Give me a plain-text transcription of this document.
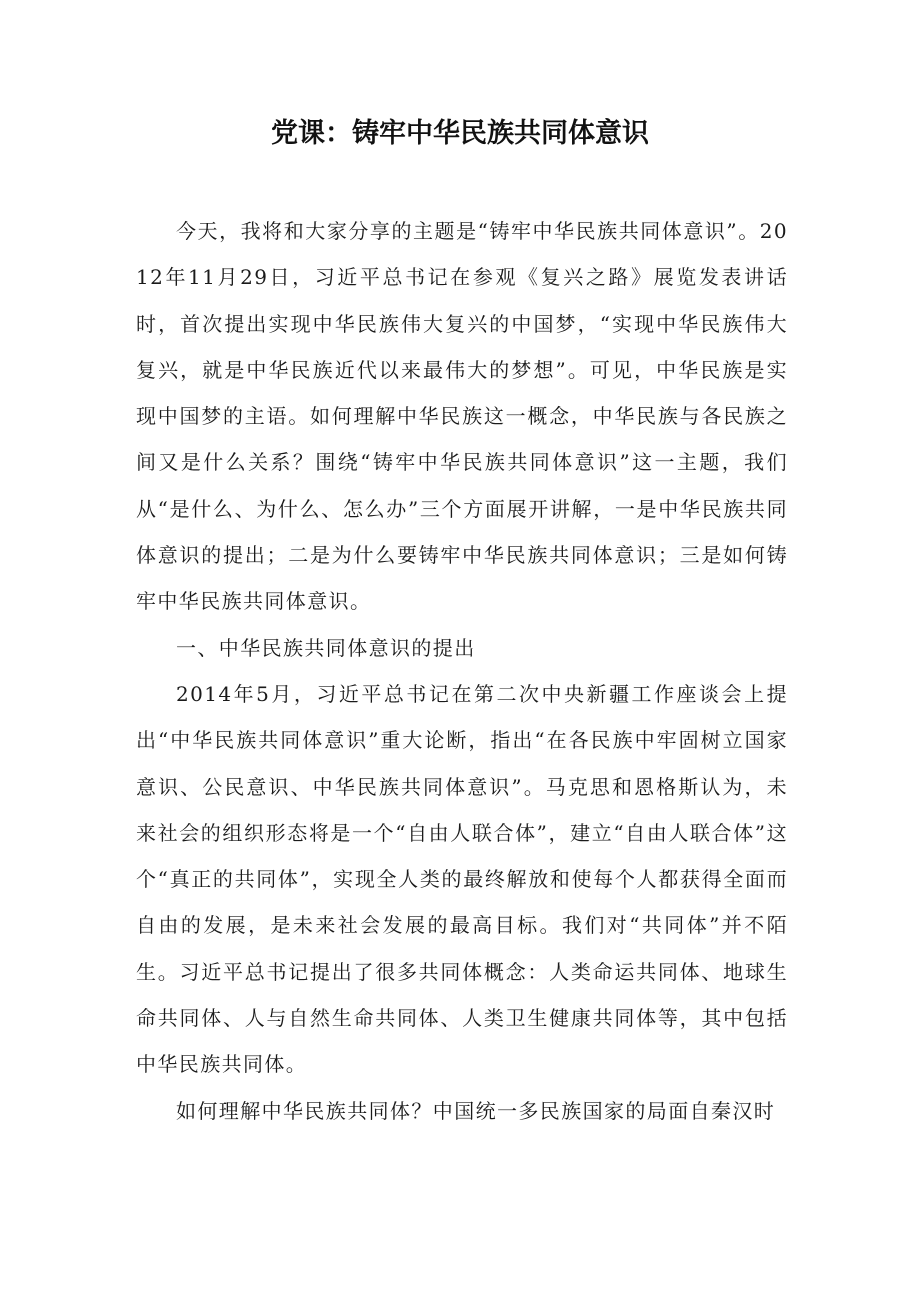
党课：铸牢中华民族共同体意识

今天，我将和大家分享的主题是“铸牢中华民族共同体意识”。2012年11月29日，习近平总书记在参观《复兴之路》展览发表讲话时，首次提出实现中华民族伟大复兴的中国梦，“实现中华民族伟大复兴，就是中华民族近代以来最伟大的梦想”。可见，中华民族是实现中国梦的主语。如何理解中华民族这一概念，中华民族与各民族之间又是什么关系？围绕“铸牢中华民族共同体意识”这一主题，我们从“是什么、为什么、怎么办”三个方面展开讲解，一是中华民族共同体意识的提出；二是为什么要铸牢中华民族共同体意识；三是如何铸牢中华民族共同体意识。

一、中华民族共同体意识的提出

2014年5月，习近平总书记在第二次中央新疆工作座谈会上提出“中华民族共同体意识”重大论断，指出“在各民族中牢固树立国家意识、公民意识、中华民族共同体意识”。马克思和恩格斯认为，未来社会的组织形态将是一个“自由人联合体”，建立“自由人联合体”这个“真正的共同体”，实现全人类的最终解放和使每个人都获得全面而自由的发展，是未来社会发展的最高目标。我们对“共同体”并不陌生。习近平总书记提出了很多共同体概念：人类命运共同体、地球生命共同体、人与自然生命共同体、人类卫生健康共同体等，其中包括中华民族共同体。

如何理解中华民族共同体？中国统一多民族国家的局面自秦汉时
